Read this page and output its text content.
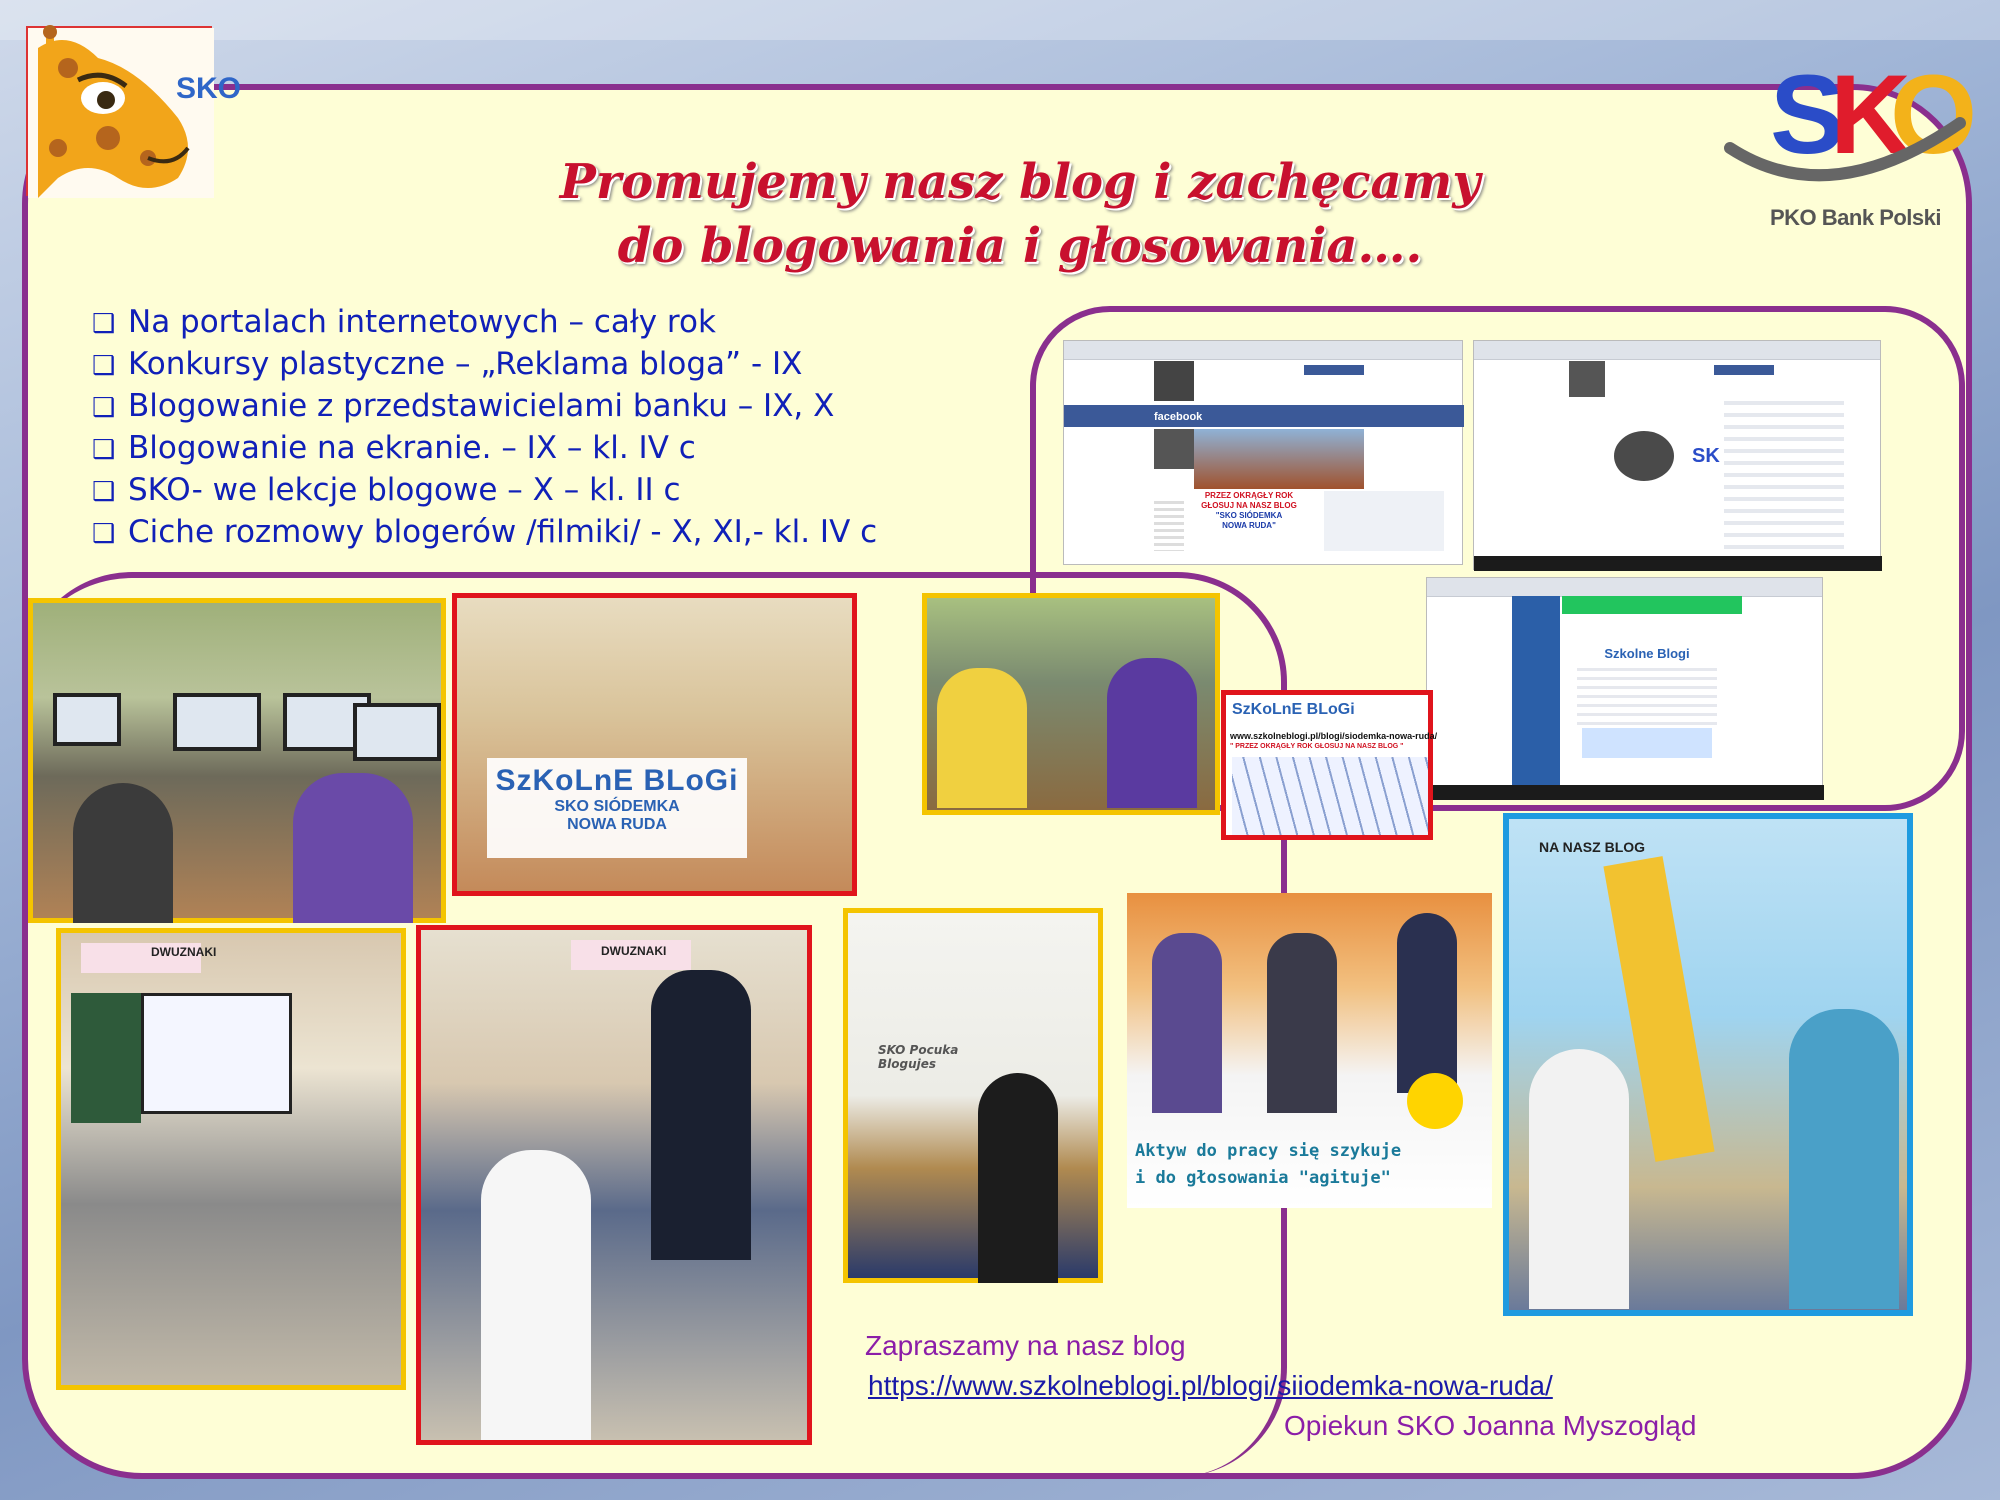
SKO	S
K
O
PKO Bank Polski
Promujemy nasz blog i zachęcamy
do blogowania i głosowania….
❑ Na portalach internetowych – cały rok
❑ Konkursy plastyczne – „Reklama bloga” - IX
❑ Blogowanie z przedstawicielami banku – IX, X
❑ Blogowanie na ekranie. – IX – kl. IV c
❑ SKO- we lekcje blogowe – X – kl. II c
❑ Ciche rozmowy blogerów /filmiki/ - X, XI,- kl. IV c
facebook
PRZEZ OKRĄGŁY ROK
GŁOSUJ NA NASZ BLOG
"SKO SIÓDEMKA
NOWA RUDA"
SK
Szkolne Blogi
SzKoLnE BLoGi
SKO SIÓDEMKA
NOWA RUDA
SzKoLnE BLoGi
www.szkolneblogi.pl/blogi/siodemka-nowa-ruda/
" PRZEZ OKRĄGŁY ROK GŁOSUJ NA NASZ BLOG "
DWUZNAKI	DWUZNAKI
SKO Pocuka Blogujes
Aktyw do pracy się szykuje
i do głosowania "agituje"
NA NASZ BLOG
Zapraszamy na nasz blog
https://www.szkolneblogi.pl/blogi/siiodemka-nowa-ruda/
Opiekun SKO Joanna Myszogląd
